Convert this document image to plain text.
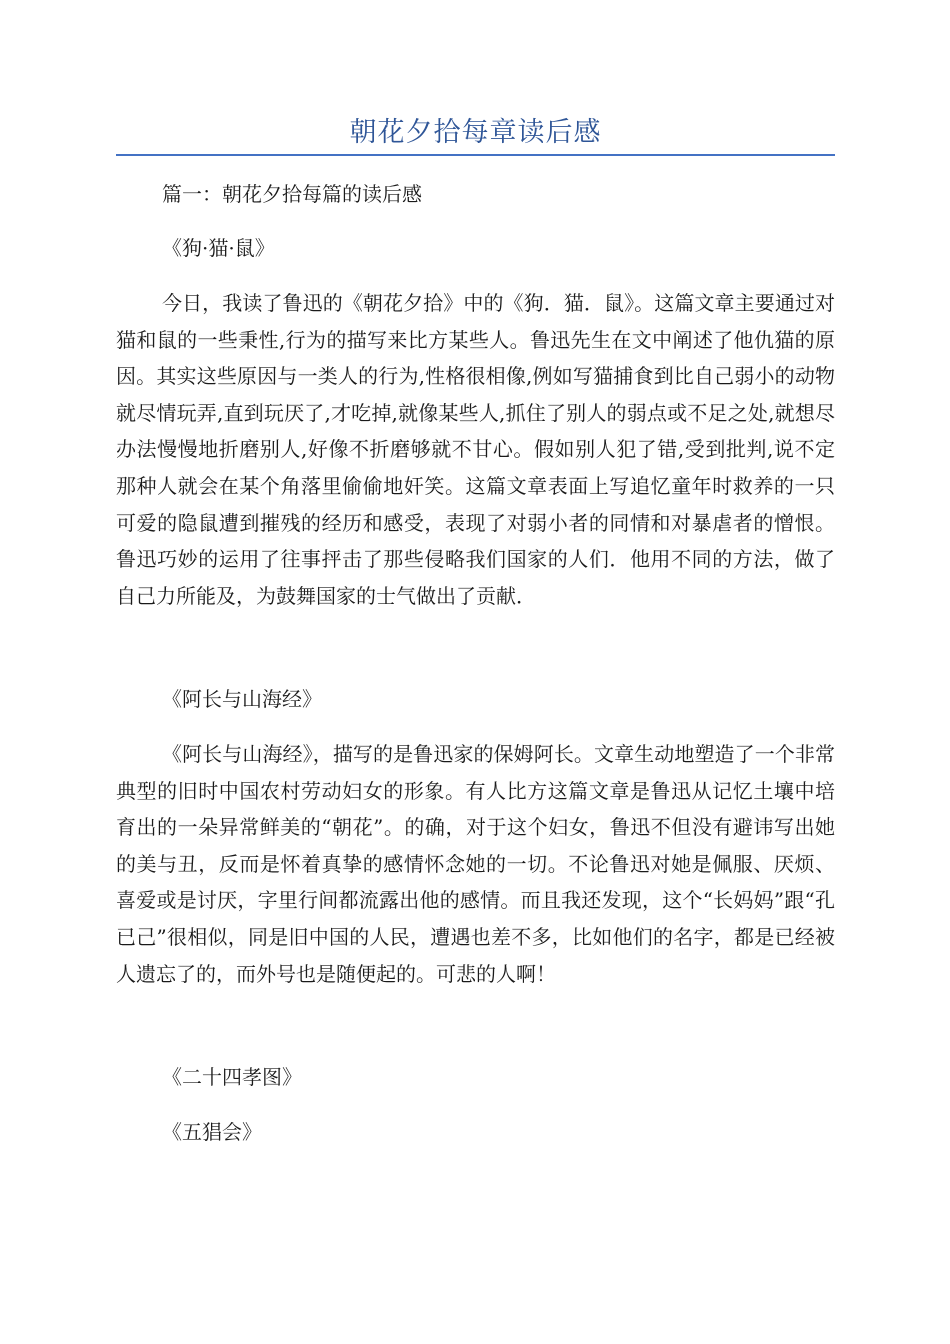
朝花夕拾每章读后感

篇一：朝花夕拾每篇的读后感

《狗·猫·鼠》

今日，我读了鲁迅的《朝花夕拾》中的《狗．猫．鼠》。这篇文章主要通过对猫和鼠的一些秉性,行为的描写来比方某些人。鲁迅先生在文中阐述了他仇猫的原因。其实这些原因与一类人的行为,性格很相像,例如写猫捕食到比自己弱小的动物就尽情玩弄,直到玩厌了,才吃掉,就像某些人,抓住了别人的弱点或不足之处,就想尽办法慢慢地折磨别人,好像不折磨够就不甘心。假如别人犯了错,受到批判,说不定那种人就会在某个角落里偷偷地奸笑。这篇文章表面上写追忆童年时救养的一只可爱的隐鼠遭到摧残的经历和感受，表现了对弱小者的同情和对暴虐者的憎恨。鲁迅巧妙的运用了往事抨击了那些侵略我们国家的人们．他用不同的方法，做了自己力所能及，为鼓舞国家的士气做出了贡献．

《阿长与山海经》

《阿长与山海经》，描写的是鲁迅家的保姆阿长。文章生动地塑造了一个非常典型的旧时中国农村劳动妇女的形象。有人比方这篇文章是鲁迅从记忆土壤中培育出的一朵异常鲜美的“朝花”。的确，对于这个妇女，鲁迅不但没有避讳写出她的美与丑，反而是怀着真挚的感情怀念她的一切。不论鲁迅对她是佩服、厌烦、喜爱或是讨厌，字里行间都流露出他的感情。而且我还发现，这个“长妈妈”跟“孔已己”很相似，同是旧中国的人民，遭遇也差不多，比如他们的名字，都是已经被人遗忘了的，而外号也是随便起的。可悲的人啊！

《二十四孝图》

《五猖会》
